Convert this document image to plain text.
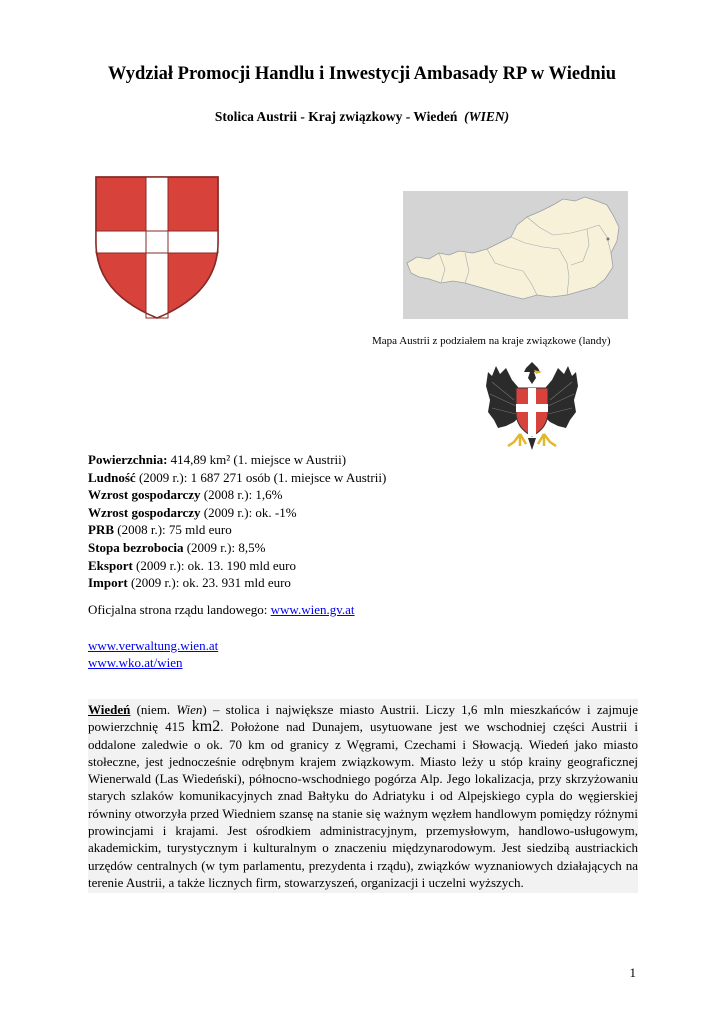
Wydział Promocji Handlu i Inwestycji Ambasady RP w Wiedniu

Stolica Austrii - Kraj związkowy - Wiedeń (WIEN)

Mapa Austrii z podziałem na kraje związkowe (landy)
Powierzchnia: 414,89 km² (1. miejsce w Austrii)
Ludność (2009 r.): 1 687 271 osób (1. miejsce w Austrii)
Wzrost gospodarczy (2008 r.): 1,6%
Wzrost gospodarczy (2009 r.): ok. -1%
PRB (2008 r.): 75 mld euro
Stopa bezrobocia (2009 r.): 8,5%
Eksport (2009 r.): ok. 13. 190 mld euro
Import (2009 r.): ok. 23. 931 mld euro
Oficjalna strona rządu landowego: www.wien.gv.at
www.verwaltung.wien.at
www.wko.at/wien

Wiedeń (niem. Wien) – stolica i największe miasto Austrii. Liczy 1,6 mln mieszkańców i zajmuje powierzchnię 415 km2. Położone nad Dunajem, usytuowane jest we wschodniej części Austrii i oddalone zaledwie o ok. 70 km od granicy z Węgrami, Czechami i Słowacją. Wiedeń jako miasto stołeczne, jest jednocześnie odrębnym krajem związkowym. Miasto leży u stóp krainy geograficznej Wienerwald (Las Wiedeński), północno-wschodniego pogórza Alp. Jego lokalizacja, przy skrzyżowaniu starych szlaków komunikacyjnych znad Bałtyku do Adriatyku i od Alpejskiego cypla do węgierskiej równiny otworzyła przed Wiedniem szansę na stanie się ważnym węzłem handlowym pomiędzy różnymi prowincjami i krajami. Jest ośrodkiem administracyjnym, przemysłowym, handlowo-usługowym, akademickim, turystycznym i kulturalnym o znaczeniu międzynarodowym. Jest siedzibą austriackich urzędów centralnych (w tym parlamentu, prezydenta i rządu), związków wyznaniowych działających na terenie Austrii, a także licznych firm, stowarzyszeń, organizacji i uczelni wyższych.

1
